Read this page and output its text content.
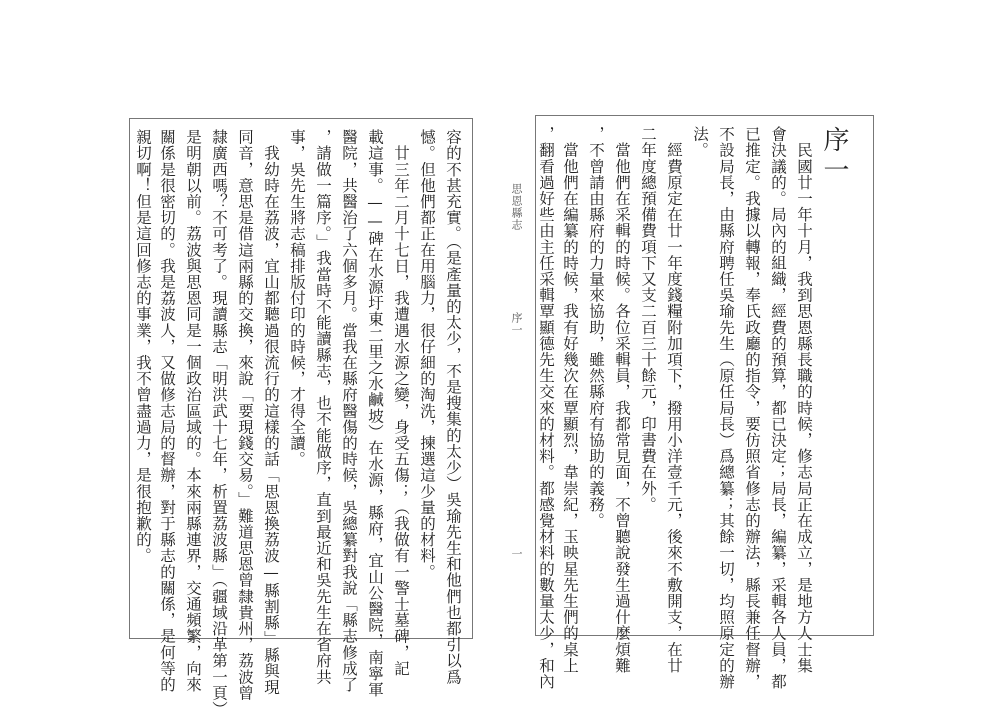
序一
　民國廿一年十月，我到思恩縣長職的時候，修志局正在成立，是地方人士集
會決議的。局內的組織，經費的預算，都已決定；局長，編纂，采輯各人員，都
已推定。我據以轉報，奉氏政廳的指令，要仿照省修志的辦法，縣長兼任督辦，
不設局長，由縣府聘任吳瑜先生（原任局長）爲總纂；其餘一切，均照原定的辦
法。
　經費原定在廿一年度錢糧附加項下，撥用小洋壹千元，後來不敷開支，在廿
二年度總預備費項下又支二百三十餘元，印書費在外。
　當他們在采輯的時候。各位采輯員，我都常見面，不曾聽說發生過什麼煩難
，不曾請由縣府的力量來協助，雖然縣府有協助的義務。
　當他們在編纂的時候，我有好幾次在覃顯烈，韋崇紀，玉映星先生們的桌上
，翻看過好些由主任采輯覃顯德先生交來的材料。都感覺材料的數量太少，和內
思恩縣志
序一
一
容的不甚充實。（是產量的太少，不是搜集的太少）吳瑜先生和他們也都引以爲
憾。但他們都正在用腦力，很仔細的淘洗，揀選這少量的材料。
　廿三年二月十七日，我遭遇水源之變，身受五傷；（我做有一警士墓碑，記
載這事。——碑在水源圩東二里之水鹹坡）在水源，縣府，宜山公醫院，南寧軍
醫院，共醫治了六個多月。當我在縣府醫傷的時候，吳總纂對我說「縣志修成了
，請做一篇序。」我當時不能讀縣志，也不能做序，直到最近和吳先生在省府共
事，吳先生將志稿排版付印的時候，才得全讀。
　我幼時在荔波，宜山都聽過很流行的這樣的話「思恩換荔波—縣割縣」縣與現
同音，意思是借這兩縣的交換，來說「要現錢交易。」難道思恩曾隸貴州，荔波曾
隸廣西嗎？不可考了。現讀縣志「明洪武十七年，析置荔波縣」（疆域沿革第一頁）
是明朝以前。荔波與思恩同是一個政治區域的。本來兩縣連界，交通頻繁，向來
關係是很密切的。我是荔波人，又做修志局的督辦，對于縣志的關係，是何等的
親切啊！但是這回修志的事業，我不曾盡過力，是很抱歉的。
